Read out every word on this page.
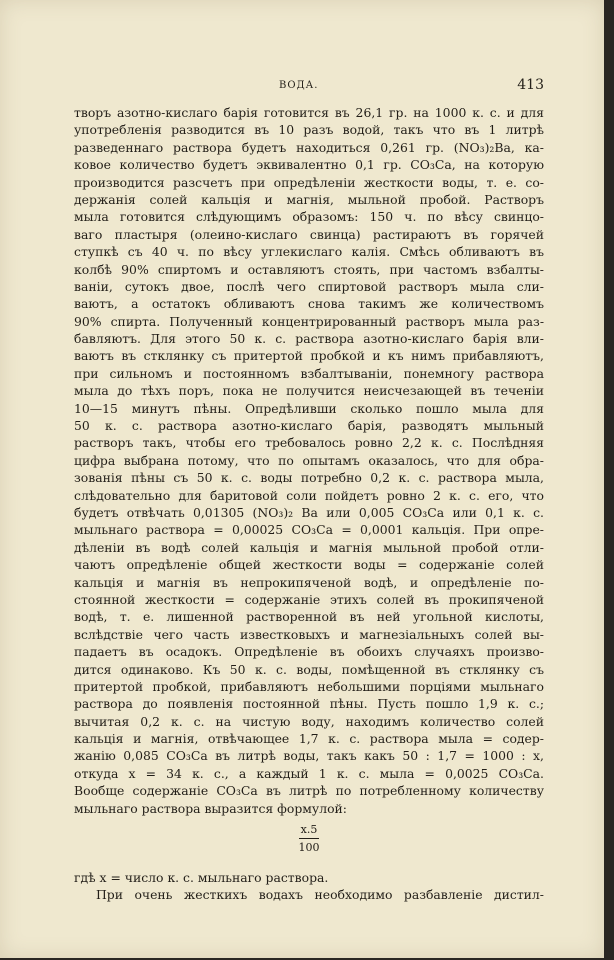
ВОДА.	413
творъ азотно-кислаго барія готовится въ 26,1 гр. на 1000 к. с. и для
употребленія разводится въ 10 разъ водой, такъ что въ 1 литрѣ
разведеннаго раствора будетъ находиться 0,261 гр. (NO₃)₂Ba, ка-
ковое количество будетъ эквивалентно 0,1 гр. CO₃Ca, на которую
производится разсчетъ при опредѣленіи жесткости воды, т. е. со-
держанія солей кальція и магнія, мыльной пробой. Растворъ
мыла готовится слѣдующимъ образомъ: 150 ч. по вѣсу свинцо-
ваго пластыря (олеино-кислаго свинца) растираютъ въ горячей
ступкѣ съ 40 ч. по вѣсу углекислаго калія. Смѣсь обливаютъ въ
колбѣ 90% спиртомъ и оставляютъ стоять, при частомъ взбалты-
ваніи, сутокъ двое, послѣ чего спиртовой растворъ мыла сли-
ваютъ, а остатокъ обливаютъ снова такимъ же количествомъ
90% спирта. Полученный концентрированный растворъ мыла раз-
бавляютъ. Для этого 50 к. с. раствора азотно-кислаго барія вли-
ваютъ въ стклянку съ притертой пробкой и къ нимъ прибавляютъ,
при сильномъ и постоянномъ взбалтываніи, понемногу раствора
мыла до тѣхъ поръ, пока не получится неисчезающей въ теченіи
10—15 минутъ пѣны. Опредѣливши сколько пошло мыла для
50 к. с. раствора азотно-кислаго барія, разводятъ мыльный
растворъ такъ, чтобы его требовалось ровно 2,2 к. с. Послѣдняя
цифра выбрана потому, что по опытамъ оказалось, что для обра-
зованія пѣны съ 50 к. с. воды потребно 0,2 к. с. раствора мыла,
слѣдовательно для баритовой соли пойдетъ ровно 2 к. с. его, что
будетъ отвѣчать 0,01305 (NO₃)₂ Ba или 0,005 CO₃Ca или 0,1 к. с.
мыльнаго раствора = 0,00025 CO₃Ca = 0,0001 кальція. При опре-
дѣленіи въ водѣ солей кальція и магнія мыльной пробой отли-
чаютъ опредѣленіе общей жесткости воды = содержаніе солей
кальція и магнія въ непрокипяченой водѣ, и опредѣленіе по-
стоянной жесткости = содержаніе этихъ солей въ прокипяченой
водѣ, т. е. лишенной растворенной въ ней угольной кислоты,
вслѣдствіе чего часть известковыхъ и магнезіальныхъ солей вы-
падаетъ въ осадокъ. Опредѣленіе въ обоихъ случаяхъ произво-
дится одинаково. Къ 50 к. с. воды, помѣщенной въ стклянку съ
притертой пробкой, прибавляютъ небольшими порціями мыльнаго
раствора до появленія постоянной пѣны. Пусть пошло 1,9 к. с.;
вычитая 0,2 к. с. на чистую воду, находимъ количество солей
кальція и магнія, отвѣчающее 1,7 к. с. раствора мыла = содер-
жанію 0,085 CO₃Ca въ литрѣ воды, такъ какъ 50 : 1,7 = 1000 : x,
откуда x = 34 к. с., а каждый 1 к. с. мыла = 0,0025 CO₃Ca.
Вообще содержаніе CO₃Ca въ литрѣ по потребленному количеству
мыльнаго раствора выразится формулой:
x.5
100
гдѣ x = число к. с. мыльнаго раствора.
При очень жесткихъ водахъ необходимо разбавленіе дистил-
